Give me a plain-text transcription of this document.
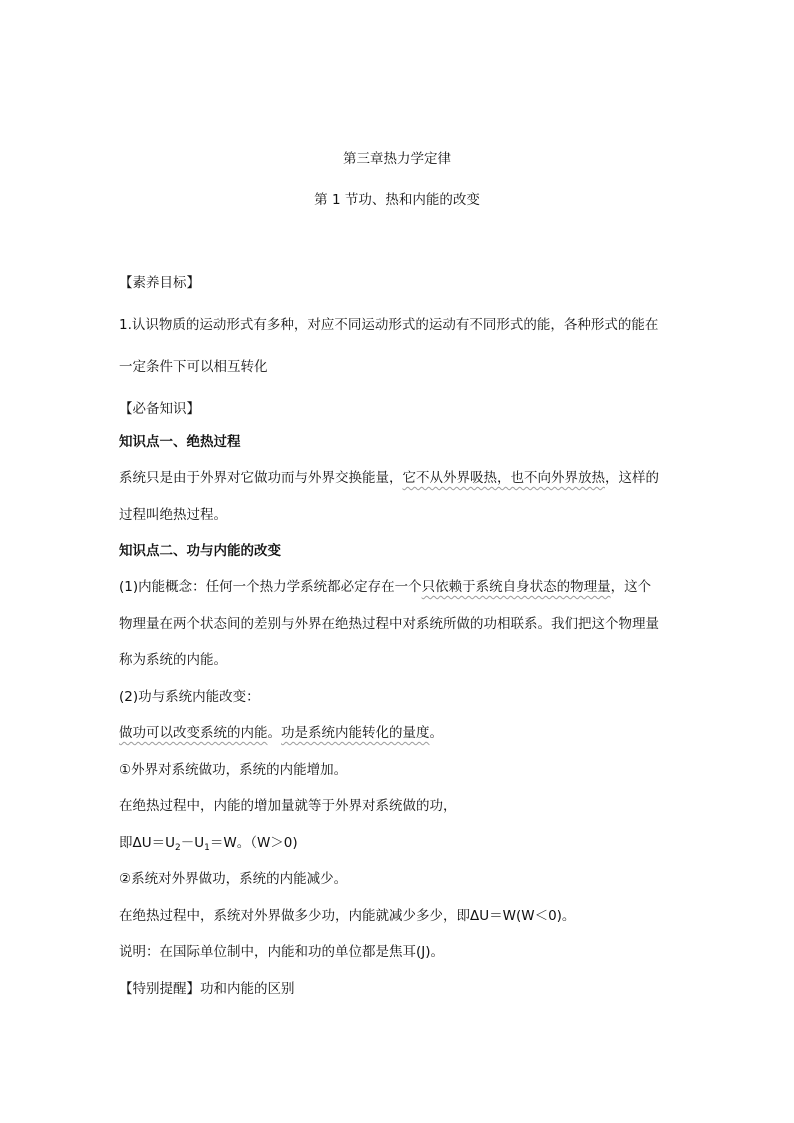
第三章热力学定律
第 1 节功、热和内能的改变
【素养目标】
1.认识物质的运动形式有多种，对应不同运动形式的运动有不同形式的能，各种形式的能在
一定条件下可以相互转化
【必备知识】
知识点一、绝热过程
系统只是由于外界对它做功而与外界交换能量，它不从外界吸热，也不向外界放热，这样的
过程叫绝热过程。
知识点二、功与内能的改变
(1)内能概念：任何一个热力学系统都必定存在一个只依赖于系统自身状态的物理量，这个
物理量在两个状态间的差别与外界在绝热过程中对系统所做的功相联系。我们把这个物理量
称为系统的内能。
(2)功与系统内能改变：
做功可以改变系统的内能。功是系统内能转化的量度。
①外界对系统做功，系统的内能增加。
在绝热过程中，内能的增加量就等于外界对系统做的功，
即$\Delta U=U_2-U_1=W$。（W＞0)
②系统对外界做功，系统的内能减少。
在绝热过程中，系统对外界做多少功，内能就减少多少，即ΔU＝W(W＜0)。
说明：在国际单位制中，内能和功的单位都是焦耳(J)。
【特别提醒】功和内能的区别
